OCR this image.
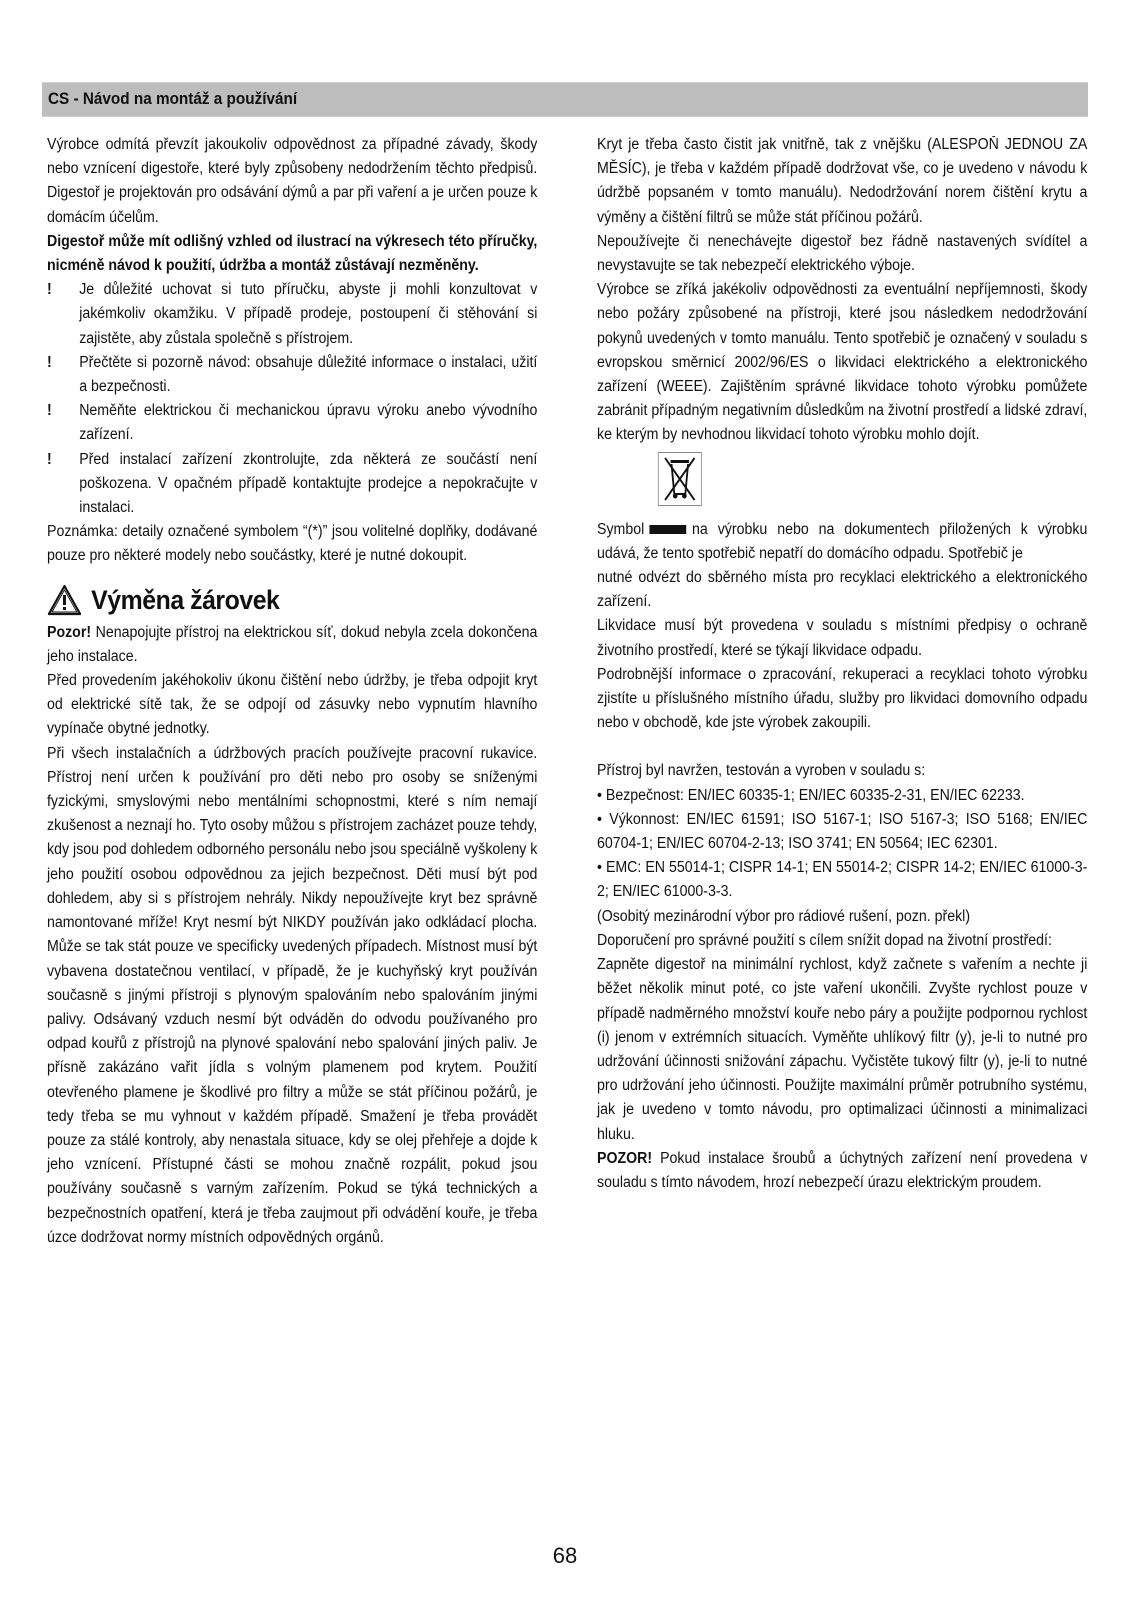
CS - Návod na montáž a používání

Výrobce odmítá převzít jakoukoliv odpovědnost za případné závady, škody nebo vznícení digestoře, které byly způsobeny nedodržením těchto předpisů. Digestoř je projektován pro odsávání dýmů a par při vaření a je určen pouze k domácím účelům.

Digestoř může mít odlišný vzhled od ilustrací na výkresech této příručky, nicméně návod k použití, údržba a montáž zůstávají nezměněny.

!	Je důležité uchovat si tuto příručku, abyste ji mohli konzultovat v jakémkoliv okamžiku. V případě prodeje, postoupení či stěhování si zajistěte, aby zůstala společně s přístrojem.
!	Přečtěte si pozorně návod: obsahuje důležité informace o instalaci, užití a bezpečnosti.
!	Neměňte elektrickou či mechanickou úpravu výroku anebo vývodního zařízení.
!	Před instalací zařízení zkontrolujte, zda některá ze součástí není poškozena. V opačném případě kontaktujte prodejce a nepokračujte v instalaci.

Poznámka: detaily označené symbolem “(*)” jsou volitelné doplňky, dodávané pouze pro některé modely nebo součástky, které je nutné dokoupit.

Výměna žárovek

Pozor! Nenapojujte přístroj na elektrickou síť, dokud nebyla zcela dokončena jeho instalace.

Před provedením jakéhokoliv úkonu čištění nebo údržby, je třeba odpojit kryt od elektrické sítě tak, že se odpojí od zásuvky nebo vypnutím hlavního vypínače obytné jednotky.

Při všech instalačních a údržbových pracích používejte pracovní rukavice. Přístroj není určen k používání pro děti nebo pro osoby se sníženými fyzickými, smyslovými nebo mentálními schopnostmi, které s ním nemají zkušenost a neznají ho. Tyto osoby můžou s přístrojem zacházet pouze tehdy, kdy jsou pod dohledem odborného personálu nebo jsou speciálně vyškoleny k jeho použití osobou odpovědnou za jejich bezpečnost. Děti musí být pod dohledem, aby si s přístrojem nehrály. Nikdy nepoužívejte kryt bez správně namontované mříže! Kryt nesmí být NIKDY používán jako odkládací plocha. Může se tak stát pouze ve specificky uvedených případech. Místnost musí být vybavena dostatečnou ventilací, v případě, že je kuchyňský kryt používán současně s jinými přístroji s plynovým spalováním nebo spalováním jinými palivy. Odsávaný vzduch nesmí být odváděn do odvodu používaného pro odpad kouřů z přístrojů na plynové spalování nebo spalování jiných paliv. Je přísně zakázáno vařit jídla s volným plamenem pod krytem. Použití otevřeného plamene je škodlivé pro filtry a může se stát příčinou požárů, je tedy třeba se mu vyhnout v každém případě. Smažení je třeba provádět pouze za stálé kontroly, aby nenastala situace, kdy se olej přehřeje a dojde k jeho vznícení. Přístupné části se mohou značně rozpálit, pokud jsou používány současně s varným zařízením. Pokud se týká technických a bezpečnostních opatření, která je třeba zaujmout při odvádění kouře, je třeba úzce dodržovat normy místních odpovědných orgánů.

Kryt je třeba často čistit jak vnitřně, tak z vnějšku (ALESPOŇ JEDNOU ZA MĚSÍC), je třeba v každém případě dodržovat vše, co je uvedeno v návodu k údržbě popsaném v tomto manuálu). Nedodržování norem čištění krytu a výměny a čištění filtrů se může stát příčinou požárů.

Nepoužívejte či nenechávejte digestoř bez řádně nastavených svídítel a nevystavujte se tak nebezpečí elektrického výboje.

Výrobce se zříká jakékoliv odpovědnosti za eventuální nepříjemnosti, škody nebo požáry způsobené na přístroji, které jsou následkem nedodržování pokynů uvedených v tomto manuálu. Tento spotřebič je označený v souladu s evropskou směrnicí 2002/96/ES o likvidaci elektrického a elektronického zařízení (WEEE). Zajištěním správné likvidace tohoto výrobku pomůžete zabránit případným negativním důsledkům na životní prostředí a lidské zdraví, ke kterým by nevhodnou likvidací tohoto výrobku mohlo dojít.

Symbol	na výrobku nebo na dokumentech přiložených k výrobku udává, že tento spotřebič nepatří do domácího odpadu. Spotřebič je

nutné odvézt do sběrného místa pro recyklaci elektrického a elektronického zařízení.

Likvidace musí být provedena v souladu s místními předpisy o ochraně životního prostředí, které se týkají likvidace odpadu.

Podrobnější informace o zpracování, rekuperaci a recyklaci tohoto výrobku zjistíte u příslušného místního úřadu, služby pro likvidaci domovního odpadu nebo v obchodě, kde jste výrobek zakoupili.

Přístroj byl navržen, testován a vyroben v souladu s:

• Bezpečnost: EN/IEC 60335-1; EN/IEC 60335-2-31, EN/IEC 62233.

• Výkonnost: EN/IEC 61591; ISO 5167-1; ISO 5167-3; ISO 5168; EN/IEC 60704-1; EN/IEC 60704-2-13; ISO 3741; EN 50564; IEC 62301.

• EMC: EN 55014-1; CISPR 14-1; EN 55014-2; CISPR 14-2; EN/IEC 61000-3-2; EN/IEC 61000-3-3.

(Osobitý mezinárodní výbor pro rádiové rušení, pozn. překl)

Doporučení pro správné použití s cílem snížit dopad na životní prostředí:

Zapněte digestoř na minimální rychlost, když začnete s vařením a nechte ji běžet několik minut poté, co jste vaření ukončili. Zvyšte rychlost pouze v případě nadměrného množství kouře nebo páry a použijte podpornou rychlost (i) jenom v extrémních situacích. Vyměňte uhlíkový filtr (y), je-li to nutné pro udržování účinnosti snižování zápachu. Vyčistěte tukový filtr (y), je-li to nutné pro udržování jeho účinnosti. Použijte maximální průměr potrubního systému, jak je uvedeno v tomto návodu, pro optimalizaci účinnosti a minimalizaci hluku.

POZOR! Pokud instalace šroubů a úchytných zařízení není provedena v souladu s tímto návodem, hrozí nebezpečí úrazu elektrickým proudem.

68
